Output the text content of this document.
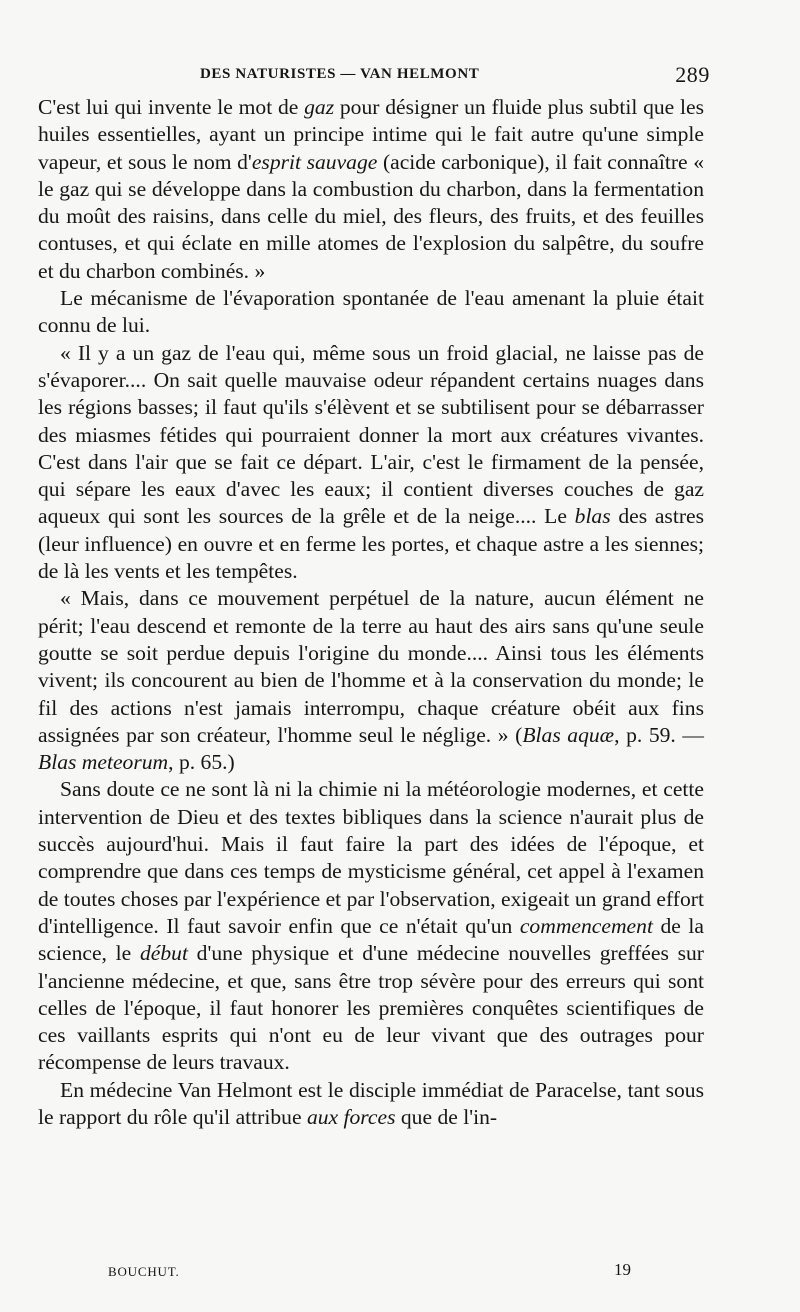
DES NATURISTES — VAN HELMONT	289

C'est lui qui invente le mot de gaz pour désigner un fluide plus subtil que les huiles essentielles, ayant un principe intime qui le fait autre qu'une simple vapeur, et sous le nom d'esprit sauvage (acide carbonique), il fait connaître « le gaz qui se développe dans la combustion du charbon, dans la fermentation du moût des raisins, dans celle du miel, des fleurs, des fruits, et des feuilles contuses, et qui éclate en mille atomes de l'explosion du salpêtre, du soufre et du charbon combinés. »

Le mécanisme de l'évaporation spontanée de l'eau amenant la pluie était connu de lui.

« Il y a un gaz de l'eau qui, même sous un froid glacial, ne laisse pas de s'évaporer.... On sait quelle mauvaise odeur répandent certains nuages dans les régions basses; il faut qu'ils s'élèvent et se subtilisent pour se débarrasser des miasmes fétides qui pourraient donner la mort aux créatures vivantes. C'est dans l'air que se fait ce départ. L'air, c'est le firmament de la pensée, qui sépare les eaux d'avec les eaux; il contient diverses couches de gaz aqueux qui sont les sources de la grêle et de la neige.... Le blas des astres (leur influence) en ouvre et en ferme les portes, et chaque astre a les siennes; de là les vents et les tempêtes.

« Mais, dans ce mouvement perpétuel de la nature, aucun élément ne périt; l'eau descend et remonte de la terre au haut des airs sans qu'une seule goutte se soit perdue depuis l'origine du monde.... Ainsi tous les éléments vivent; ils concourent au bien de l'homme et à la conservation du monde; le fil des actions n'est jamais interrompu, chaque créature obéit aux fins assignées par son créateur, l'homme seul le néglige. » (Blas aquæ, p. 59. — Blas meteorum, p. 65.)

Sans doute ce ne sont là ni la chimie ni la météorologie modernes, et cette intervention de Dieu et des textes bibliques dans la science n'aurait plus de succès aujourd'hui. Mais il faut faire la part des idées de l'époque, et comprendre que dans ces temps de mysticisme général, cet appel à l'examen de toutes choses par l'expérience et par l'observation, exigeait un grand effort d'intelligence. Il faut savoir enfin que ce n'était qu'un commencement de la science, le début d'une physique et d'une médecine nouvelles greffées sur l'ancienne médecine, et que, sans être trop sévère pour des erreurs qui sont celles de l'époque, il faut honorer les premières conquêtes scientifiques de ces vaillants esprits qui n'ont eu de leur vivant que des outrages pour récompense de leurs travaux.

En médecine Van Helmont est le disciple immédiat de Paracelse, tant sous le rapport du rôle qu'il attribue aux forces que de l'in-

BOUCHUT.	19
